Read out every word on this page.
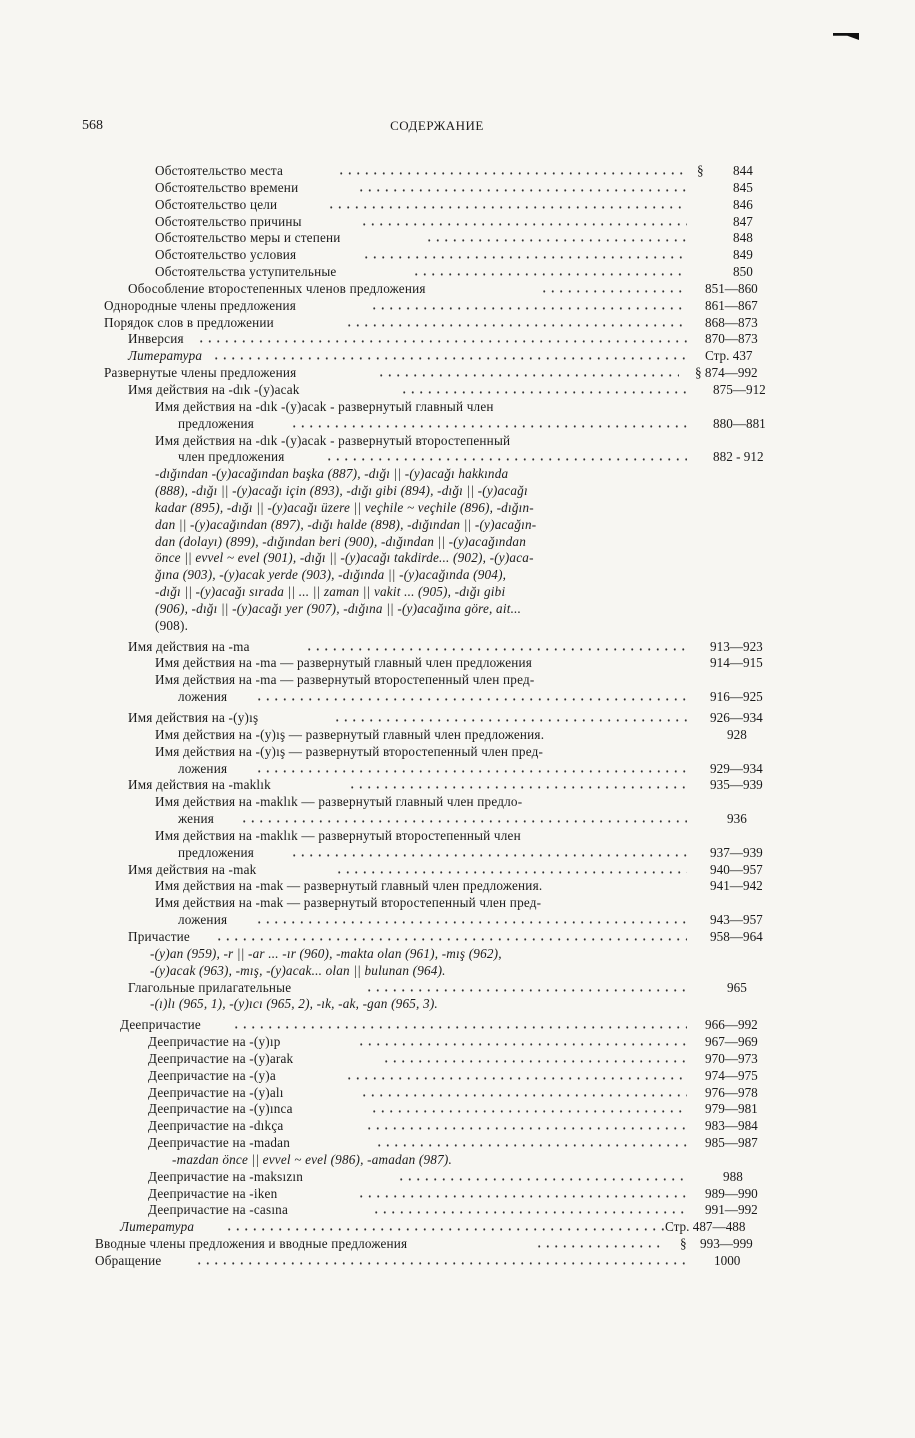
568	СОДЕРЖАНИЕ
Обстоятельство места	§ 844
Обстоятельство времени	845
Обстоятельство цели	846
Обстоятельство причины	847
Обстоятельство меры и степени	848
Обстоятельство условия	849
Обстоятельства уступительные	850
Обособление второстепенных членов предложения	851—860
Однородные члены предложения	861—867
Порядок слов в предложении	868—873
Инверсия	870—873
Литература	Стр. 437
Развернутые члены предложения	§ 874—992
Имя действия на -dık -(y)acak	875—912
Имя действия на -dık -(y)acak - развернутый главный член
предложения	880—881
Имя действия на -dık -(y)acak - развернутый второстепенный
член предложения	882 - 912
-dığından -(y)acağından başka (887), -dığı || -(y)acağı hakkında
(888), -dığı || -(y)acağı için (893), -dığı gibi (894), -dığı || -(y)acağı
kadar (895), -dığı || -(y)acağı üzere || veçhile ~ veçhile (896), -dığın-
dan || -(y)acağından (897), -dığı halde (898), -dığından || -(y)acağın-
dan (dolayı) (899), -dığından beri (900), -dığından || -(y)acağından
önce || evvel ~ evel (901), -dığı || -(y)acağı takdirde... (902), -(y)aca-
ğına (903), -(y)acak yerde (903), -dığında || -(y)acağında (904),
-dığı || -(y)acağı sırada || ... || zaman || vakit ... (905), -dığı gibi
(906), -dığı || -(y)acağı yer (907), -dığına || -(y)acağına göre, ait...
(908).
Имя действия на -ma	913—923
Имя действия на -ma — развернутый главный член предложения	914—915
Имя действия на -ma — развернутый второстепенный член пред-
ложения	916—925
Имя действия на -(y)ış	926—934
Имя действия на -(y)ış — развернутый главный член предложения.	928
Имя действия на -(y)ış — развернутый второстепенный член пред-
ложения	929—934
Имя действия на -maklık	935—939
Имя действия на -maklık — развернутый главный член предло-
жения	936
Имя действия на -maklık — развернутый второстепенный член
предложения	937—939
Имя действия на -mak	940—957
Имя действия на -mak — развернутый главный член предложения.	941—942
Имя действия на -mak — развернутый второстепенный член пред-
ложения	943—957
Причастие	958—964
-(y)an (959), -r || -ar ... -ır (960), -makta olan (961), -mış (962),
-(y)acak (963), -mış, -(y)acak... olan || bulunan (964).
Глагольные прилагательные	965
-(ı)lı (965, 1), -(y)ıcı (965, 2), -ık, -ak, -gan (965, 3).
Деепричастие	966—992
Деепричастие на -(y)ıp	967—969
Деепричастие на -(y)arak	970—973
Деепричастие на -(y)a	974—975
Деепричастие на -(y)alı	976—978
Деепричастие на -(y)ınca	979—981
Деепричастие на -dıkça	983—984
Деепричастие на -madan	985—987
-mazdan önce || evvel ~ evel (986), -amadan (987).
Деепричастие на -maksızın	988
Деепричастие на -iken	989—990
Деепричастие на -casına	991—992
Литература	Стр. 487—488
Вводные члены предложения и вводные предложения	§ 993—999
Обращение	1000
